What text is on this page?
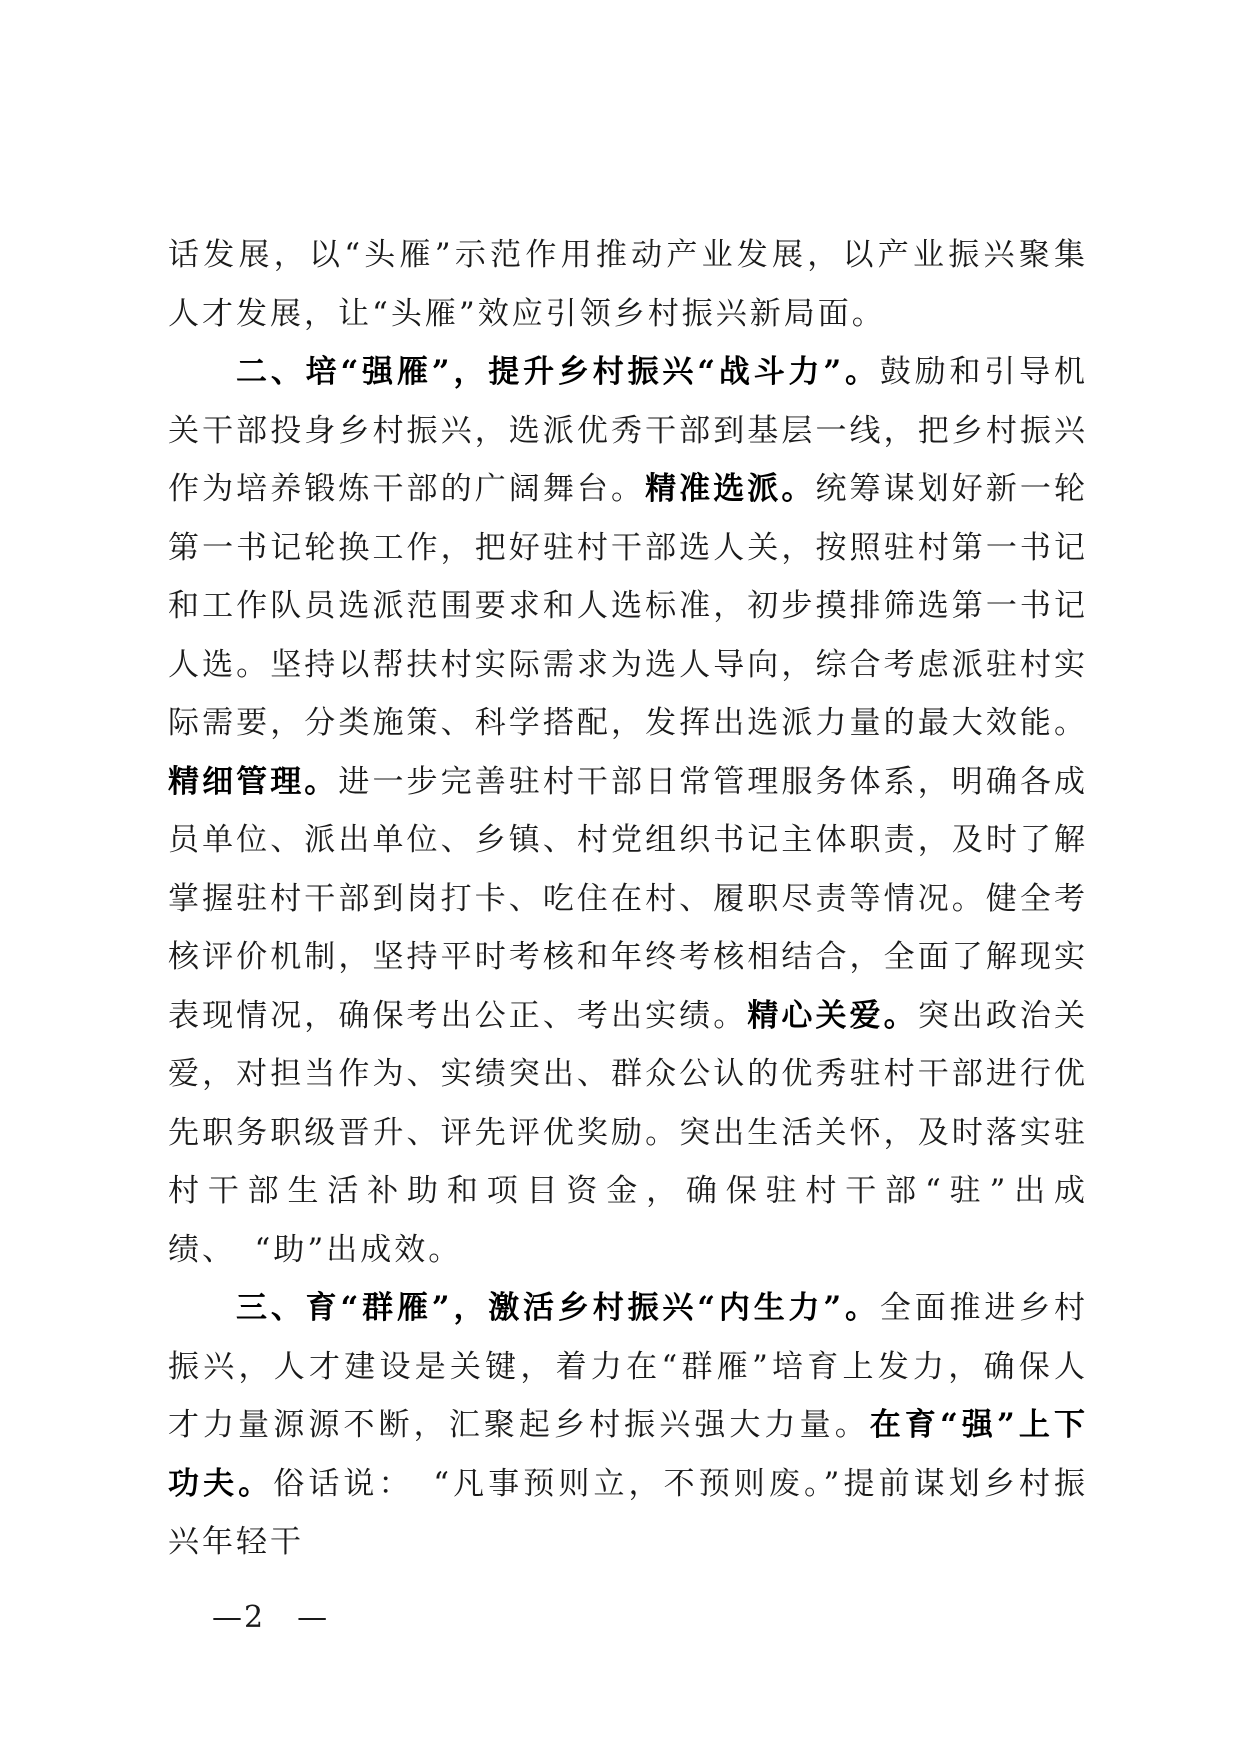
话发展，以“头雁”示范作用推动产业发展，以产业振兴聚集人才发展，让“头雁”效应引领乡村振兴新局面。

二、培“强雁”，提升乡村振兴“战斗力”。鼓励和引导机关干部投身乡村振兴，选派优秀干部到基层一线，把乡村振兴作为培养锻炼干部的广阔舞台。精准选派。统筹谋划好新一轮第一书记轮换工作，把好驻村干部选人关，按照驻村第一书记和工作队员选派范围要求和人选标准，初步摸排筛选第一书记人选。坚持以帮扶村实际需求为选人导向，综合考虑派驻村实际需要，分类施策、科学搭配，发挥出选派力量的最大效能。精细管理。进一步完善驻村干部日常管理服务体系，明确各成员单位、派出单位、乡镇、村党组织书记主体职责，及时了解掌握驻村干部到岗打卡、吃住在村、履职尽责等情况。健全考核评价机制，坚持平时考核和年终考核相结合，全面了解现实表现情况，确保考出公正、考出实绩。精心关爱。突出政治关爱，对担当作为、实绩突出、群众公认的优秀驻村干部进行优先职务职级晋升、评先评优奖励。突出生活关怀，及时落实驻村干部生活补助和项目资金，确保驻村干部“驻”出成绩、　“助”出成效。

三、育“群雁”，激活乡村振兴“内生力”。全面推进乡村振兴，人才建设是关键，着力在“群雁”培育上发力，确保人才力量源源不断，汇聚起乡村振兴强大力量。在育“强”上下功夫。俗话说：　“凡事预则立，不预则废。”提前谋划乡村振兴年轻干

—2　—
